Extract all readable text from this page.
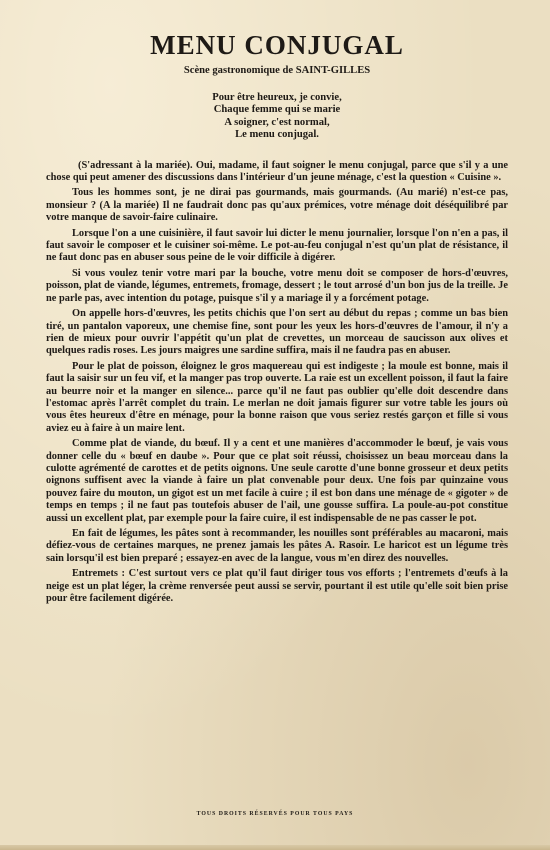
MENU CONJUGAL
Scène gastronomique de SAINT-GILLES
Pour être heureux, je convie,
Chaque femme qui se marie
A soigner, c'est normal,
Le menu conjugal.

(S'adressant à la mariée). Oui, madame, il faut soigner le menu conjugal, parce que s'il y a une chose qui peut amener des discussions dans l'intérieur d'un jeune ménage, c'est la question « Cuisine ».

Tous les hommes sont, je ne dirai pas gourmands, mais gourmands. (Au marié) n'est-ce pas, monsieur ? (A la mariée) Il ne faudrait donc pas qu'aux prémices, votre ménage doit déséquilibré par votre manque de savoir-faire culinaire.

Lorsque l'on a une cuisinière, il faut savoir lui dicter le menu journalier, lorsque l'on n'en a pas, il faut savoir le composer et le cuisiner soi-même. Le pot-au-feu conjugal n'est qu'un plat de résistance, il ne faut donc pas en abuser sous peine de le voir difficile à digérer.

Si vous voulez tenir votre mari par la bouche, votre menu doit se composer de hors-d'œuvres, poisson, plat de viande, légumes, entremets, fromage, dessert ; le tout arrosé d'un bon jus de la treille. Je ne parle pas, avec intention du potage, puisque s'il y a mariage il y a forcément potage.

On appelle hors-d'œuvres, les petits chichis que l'on sert au début du repas ; comme un bas bien tiré, un pantalon vaporeux, une chemise fine, sont pour les yeux les hors-d'œuvres de l'amour, il n'y a rien de mieux pour ouvrir l'appétit qu'un plat de crevettes, un morceau de saucisson aux olives et quelques radis roses. Les jours maigres une sardine suffira, mais il ne faudra pas en abuser.

Pour le plat de poisson, éloignez le gros maquereau qui est indigeste ; la moule est bonne, mais il faut la saisir sur un feu vif, et la manger pas trop ouverte. La raie est un excellent poisson, il faut la faire au beurre noir et la manger en silence... parce qu'il ne faut pas oublier qu'elle doit descendre dans l'estomac après l'arrêt complet du train. Le merlan ne doit jamais figurer sur votre table les jours où vous êtes heureux d'être en ménage, pour la bonne raison que vous seriez restés garçon et fille si vous aviez eu à faire à un maire lent.

Comme plat de viande, du bœuf. Il y a cent et une manières d'accommoder le bœuf, je vais vous donner celle du « bœuf en daube ». Pour que ce plat soit réussi, choisissez un beau morceau dans la culotte agrémenté de carottes et de petits oignons. Une seule carotte d'une bonne grosseur et deux petits oignons suffisent avec la viande à faire un plat convenable pour deux. Une fois par quinzaine vous pouvez faire du mouton, un gigot est un met facile à cuire ; il est bon dans une ménage de « gigoter » de temps en temps ; il ne faut pas toutefois abuser de l'ail, une gousse suffira. La poule-au-pot constitue aussi un excellent plat, par exemple pour la faire cuire, il est indispensable de ne pas casser le pot.

En fait de légumes, les pâtes sont à recommander, les nouilles sont préférables au macaroni, mais défiez-vous de certaines marques, ne prenez jamais les pâtes A. Rasoir. Le haricot est un légume très sain lorsqu'il est bien preparé ; essayez-en avec de la langue, vous m'en direz des nouvelles.

Entremets : C'est surtout vers ce plat qu'il faut diriger tous vos efforts ; l'entremets d'œufs à la neige est un plat léger, la crème renversée peut aussi se servir, pourtant il est utile qu'elle soit bien prise pour être facilement digérée.

TOUS DROITS RÉSERVÉS POUR TOUS PAYS
